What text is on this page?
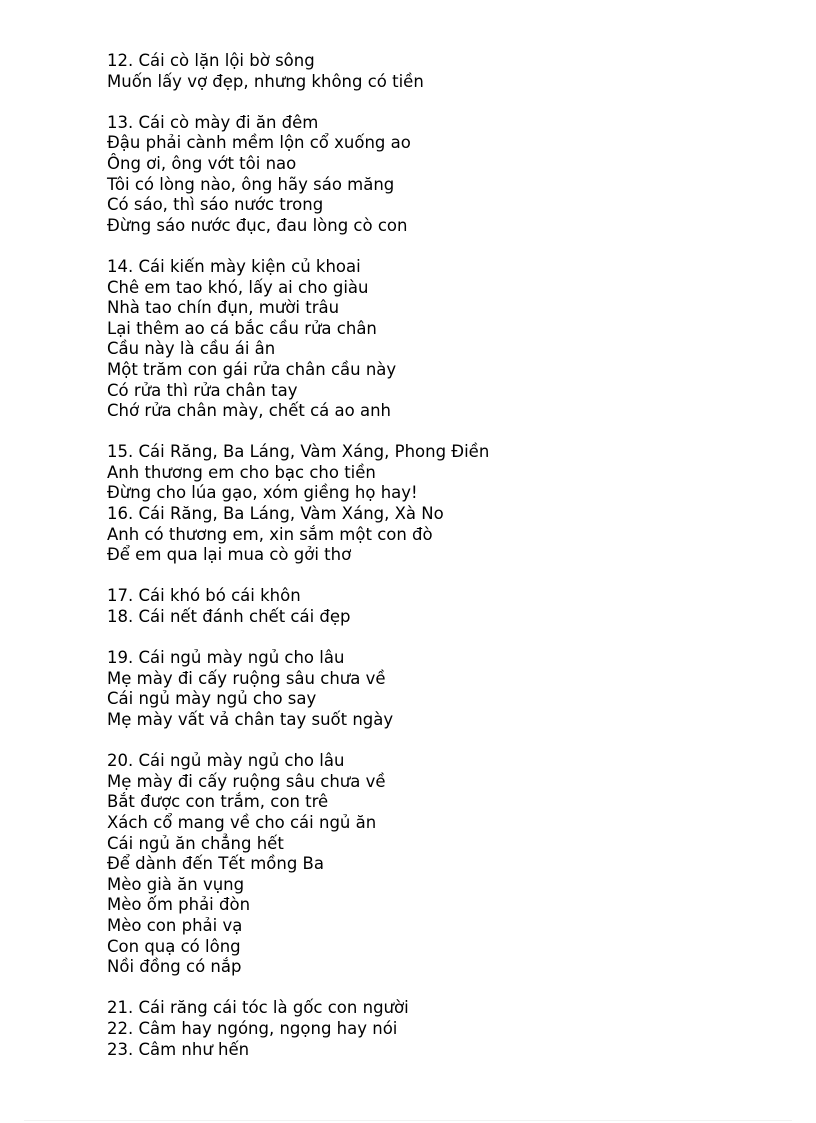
12. Cái cò lặn lội bờ sông
Muốn lấy vợ đẹp, nhưng không có tiền
13. Cái cò mày đi ăn đêm
Đậu phải cành mềm lộn cổ xuống ao
Ông ơi, ông vớt tôi nao
Tôi có lòng nào, ông hãy sáo măng
Có sáo, thì sáo nước trong
Đừng sáo nước đục, đau lòng cò con
14. Cái kiến mày kiện củ khoai
Chê em tao khó, lấy ai cho giàu
Nhà tao chín đụn, mười trâu
Lại thêm ao cá bắc cầu rửa chân
Cầu này là cầu ái ân
Một trăm con gái rửa chân cầu này
Có rửa thì rửa chân tay
Chớ rửa chân mày, chết cá ao anh
15. Cái Răng, Ba Láng, Vàm Xáng, Phong Điền
Anh thương em cho bạc cho tiền
Đừng cho lúa gạo, xóm giềng họ hay!
16. Cái Răng, Ba Láng, Vàm Xáng, Xà No
Anh có thương em, xin sắm một con đò
Để em qua lại mua cò gởi thơ
17. Cái khó bó cái khôn
18. Cái nết đánh chết cái đẹp
19. Cái ngủ mày ngủ cho lâu
Mẹ mày đi cấy ruộng sâu chưa về
Cái ngủ mày ngủ cho say
Mẹ mày vất vả chân tay suốt ngày
20. Cái ngủ mày ngủ cho lâu
Mẹ mày đi cấy ruộng sâu chưa về
Bắt được con trắm, con trê
Xách cổ mang về cho cái ngủ ăn
Cái ngủ ăn chẳng hết
Để dành đến Tết mồng Ba
Mèo già ăn vụng
Mèo ốm phải đòn
Mèo con phải vạ
Con quạ có lông
Nồi đồng có nắp
21. Cái răng cái tóc là gốc con người
22. Câm hay ngóng, ngọng hay nói
23. Câm như hến
